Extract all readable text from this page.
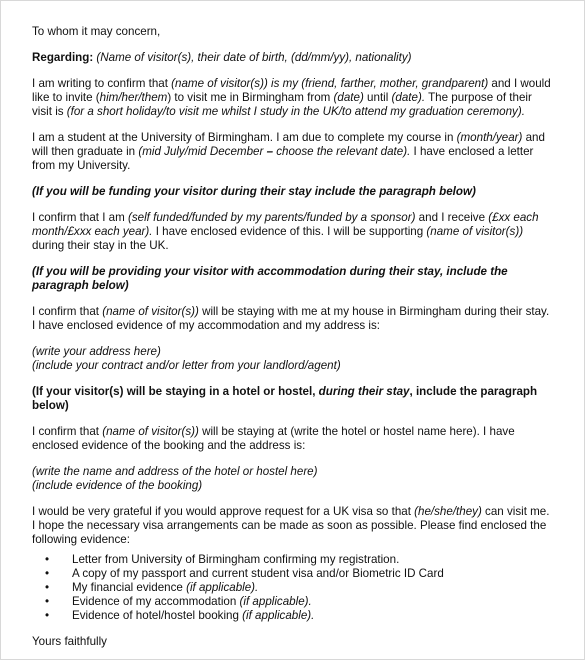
To whom it may concern,

Regarding: (Name of visitor(s), their date of birth, (dd/mm/yy), nationality)

I am writing to confirm that (name of visitor(s)) is my (friend, farther, mother, grandparent) and I would like to invite (him/her/them) to visit me in Birmingham from (date) until (date). The purpose of their visit is (for a short holiday/to visit me whilst I study in the UK/to attend my graduation ceremony).

I am a student at the University of Birmingham. I am due to complete my course in (month/year) and will then graduate in (mid July/mid December – choose the relevant date). I have enclosed a letter from my University.

(If you will be funding your visitor during their stay include the paragraph below)

I confirm that I am (self funded/funded by my parents/funded by a sponsor) and I receive (£xx each month/£xxx each year). I have enclosed evidence of this. I will be supporting (name of visitor(s)) during their stay in the UK.

(If you will be providing your visitor with accommodation during their stay, include the paragraph below)

I confirm that (name of visitor(s)) will be staying with me at my house in Birmingham during their stay. I have enclosed evidence of my accommodation and my address is:

(write your address here)
(include your contract and/or letter from your landlord/agent)

(If your visitor(s) will be staying in a hotel or hostel, during their stay, include the paragraph below)

I confirm that (name of visitor(s)) will be staying at (write the hotel or hostel name here). I have enclosed evidence of the booking and the address is:

(write the name and address of the hotel or hostel here)
(include evidence of the booking)

I would be very grateful if you would approve request for a UK visa so that (he/she/they) can visit me. I hope the necessary visa arrangements can be made as soon as possible. Please find enclosed the following evidence:

• Letter from University of Birmingham confirming my registration.
• A copy of my passport and current student visa and/or Biometric ID Card
• My financial evidence (if applicable).
• Evidence of my accommodation (if applicable).
• Evidence of hotel/hostel booking (if applicable).

Yours faithfully
